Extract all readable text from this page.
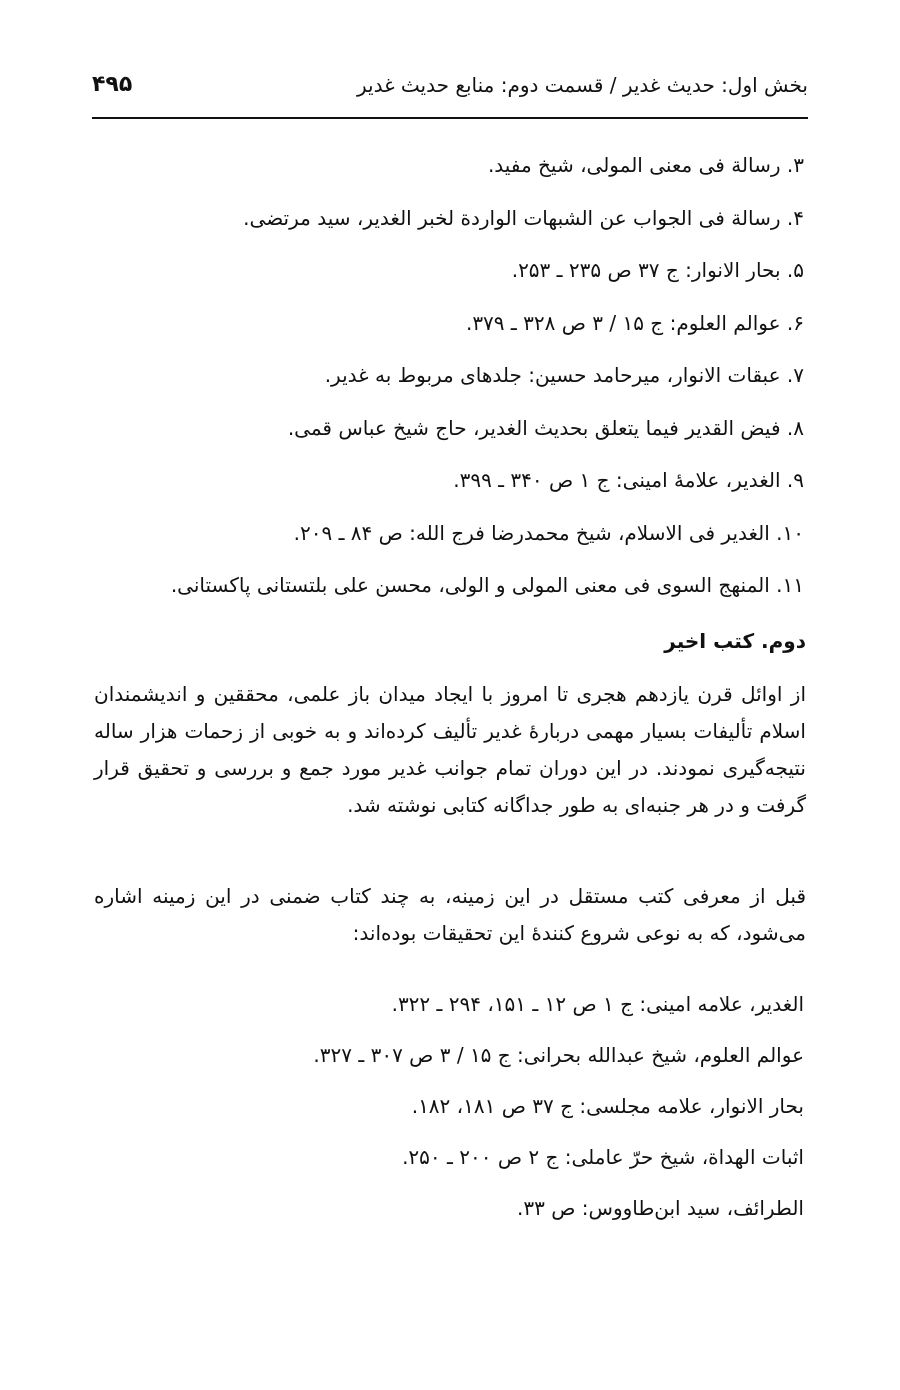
بخش اول: حدیث غدیر / قسمت دوم: منابع حدیث غدیر
۴۹۵
۳. رسالة فی معنی المولی، شیخ مفید.
۴. رسالة فی الجواب عن الشبهات الواردة لخبر الغدیر، سید مرتضی.
۵. بحار الانوار: ج ۳۷ ص ۲۳۵ ـ ۲۵۳.
۶. عوالم العلوم: ج ۱۵ / ۳ ص ۳۲۸ ـ ۳۷۹.
۷. عبقات الانوار، میرحامد حسین: جلدهای مربوط به غدیر.
۸. فیض القدیر فیما یتعلق بحدیث الغدیر، حاج شیخ عباس قمی.
۹. الغدیر، علامهٔ امینی: ج ۱ ص ۳۴۰ ـ ۳۹۹.
۱۰. الغدیر فی الاسلام، شیخ محمدرضا فرج الله: ص ۸۴ ـ ۲۰۹.
۱۱. المنهج السوی فی معنی المولی و الولی، محسن علی بلتستانی پاکستانی.
دوم. کتب اخیر

از اوائل قرن یازدهم هجری تا امروز با ایجاد میدان باز علمی، محققین و اندیشمندان اسلام تألیفات بسیار مهمی دربارهٔ غدیر تألیف کرده‌اند و به خوبی از زحمات هزار ساله نتیجه‌گیری نمودند. در این دوران تمام جوانب غدیر مورد جمع و بررسی و تحقیق قرار گرفت و در هر جنبه‌ای به طور جداگانه کتابی نوشته شد.

قبل از معرفی کتب مستقل در این زمینه، به چند کتاب ضمنی در این زمینه اشاره می‌شود، که به نوعی شروع کنندهٔ این تحقیقات بوده‌اند:

الغدیر، علامه امینی: ج ۱ ص ۱۲ ـ ۱۵۱، ۲۹۴ ـ ۳۲۲.
عوالم العلوم، شیخ عبدالله بحرانی: ج ۱۵ / ۳ ص ۳۰۷ ـ ۳۲۷.
بحار الانوار، علامه مجلسی: ج ۳۷ ص ۱۸۱، ۱۸۲.
اثبات الهداة، شیخ حرّ عاملی: ج ۲ ص ۲۰۰ ـ ۲۵۰.
الطرائف، سید ابن‌طاووس: ص ۳۳.
